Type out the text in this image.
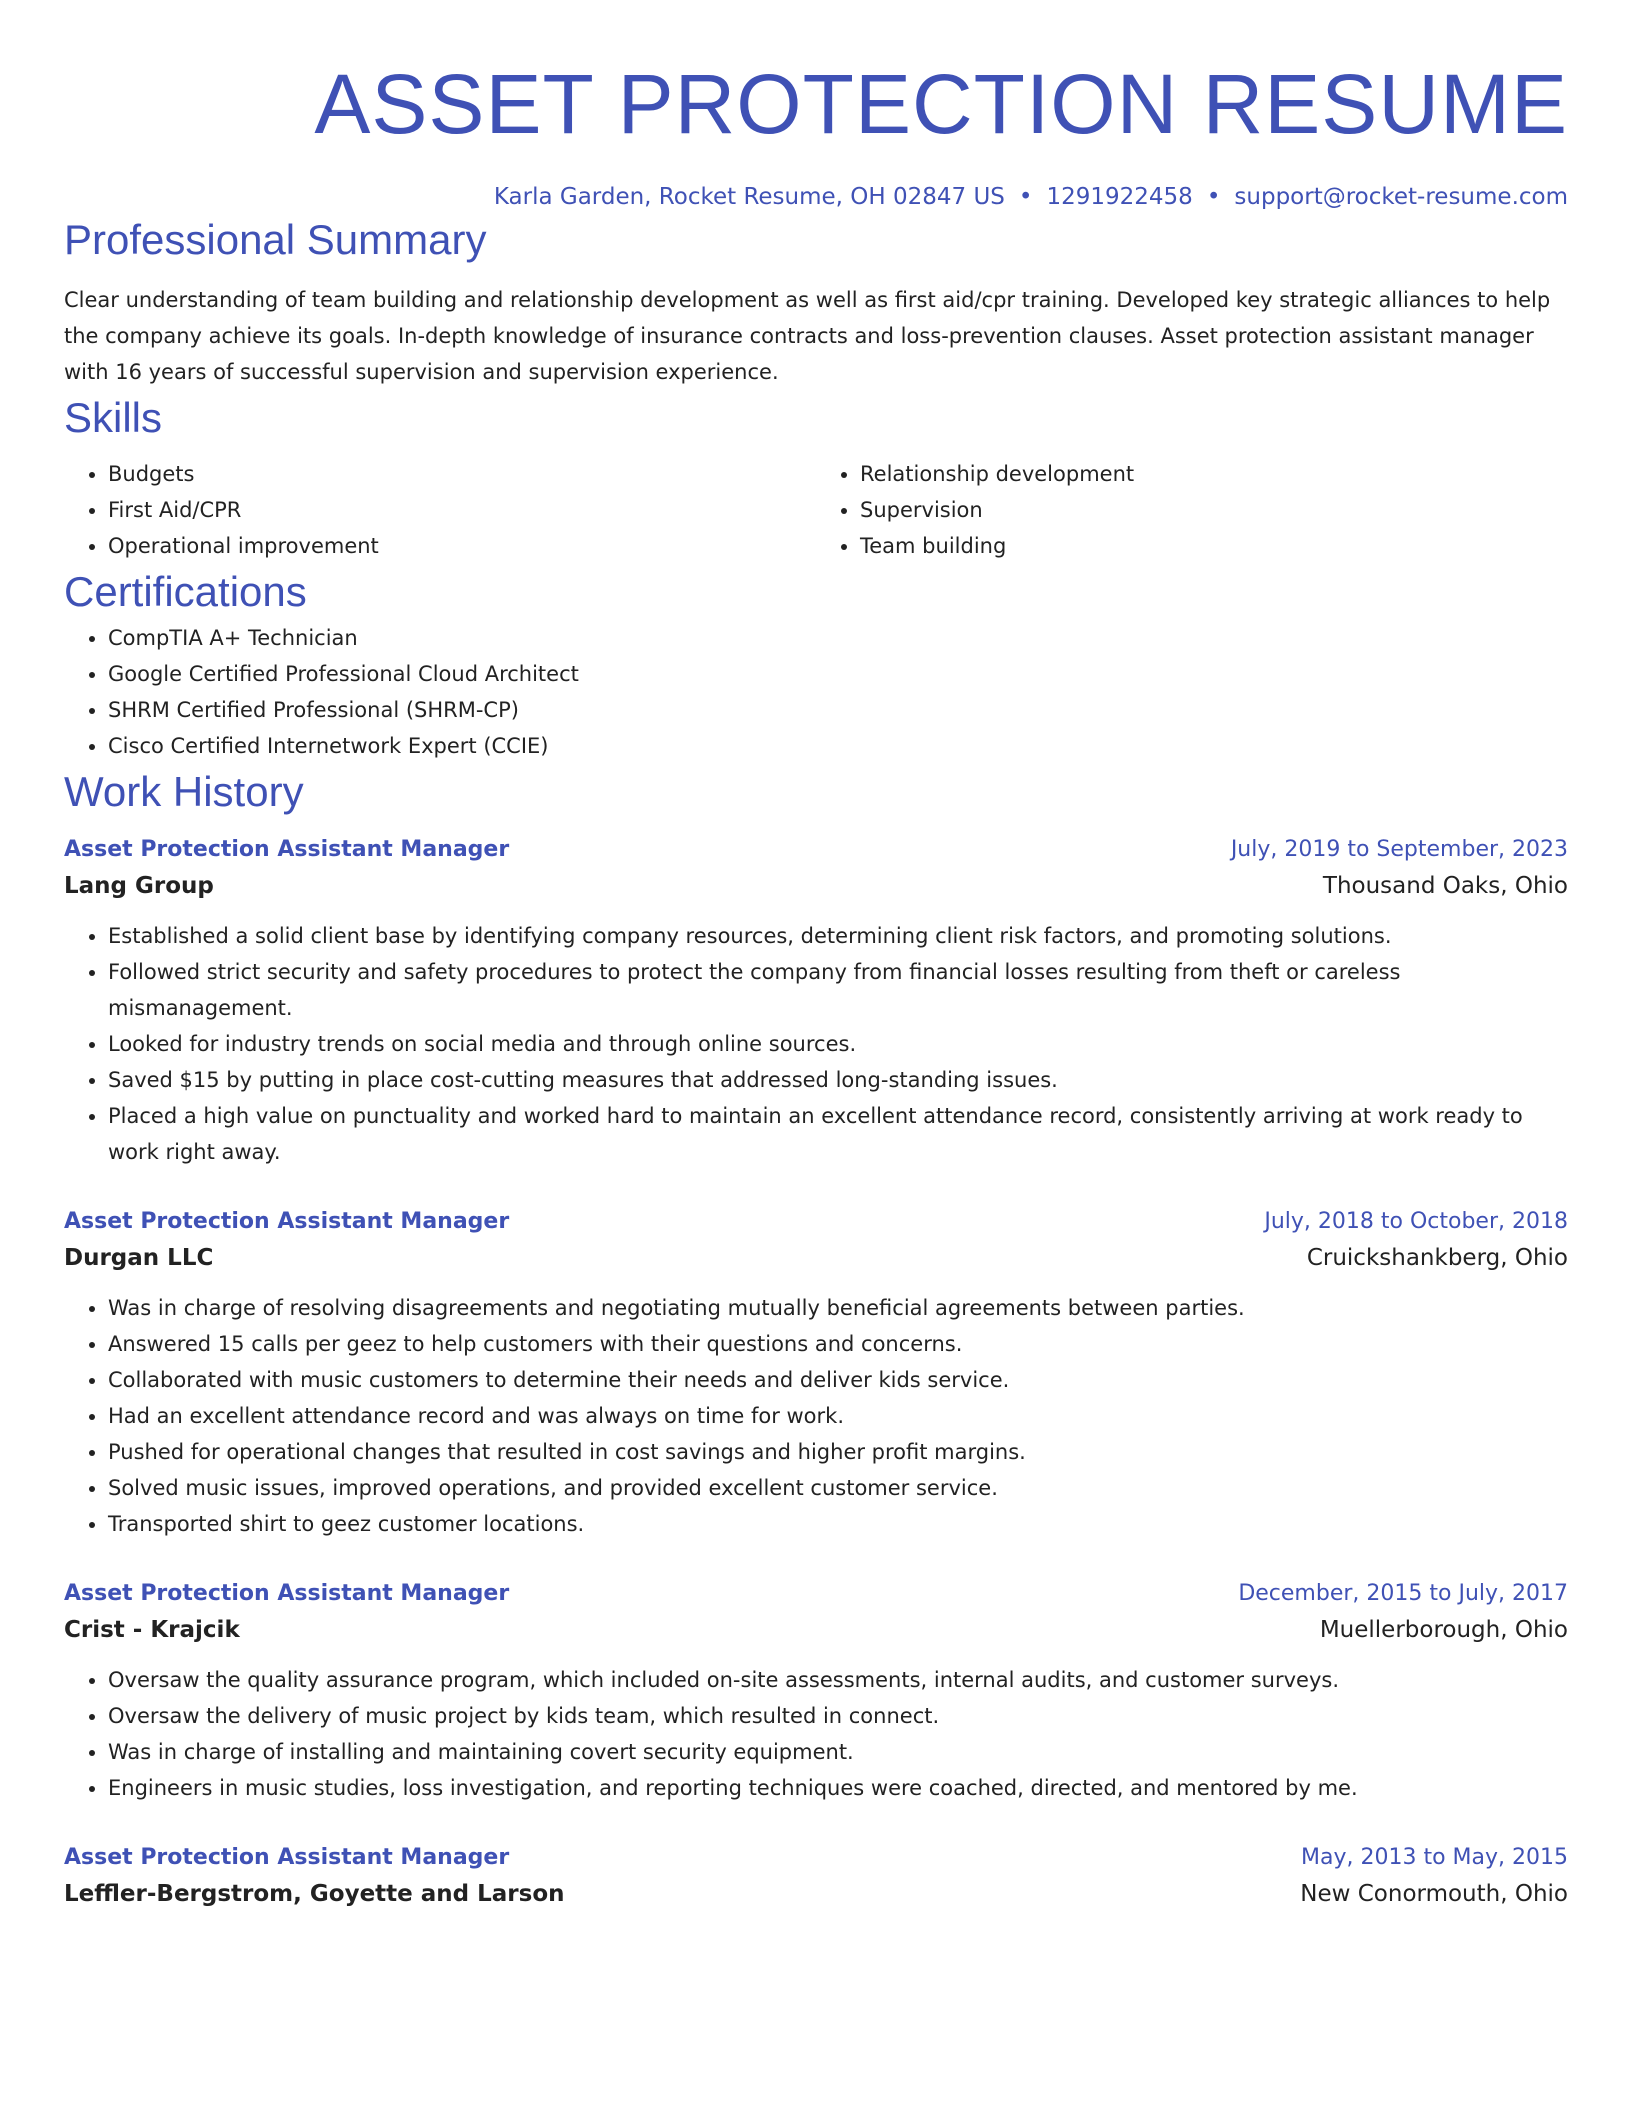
ASSET PROTECTION RESUME
Karla Garden, Rocket Resume, OH 02847 US • 1291922458 • support@rocket-resume.com
Professional Summary

Clear understanding of team building and relationship development as well as first aid/cpr training. Developed key strategic alliances to help the company achieve its goals. In-depth knowledge of insurance contracts and loss-prevention clauses. Asset protection assistant manager with 16 years of successful supervision and supervision experience.

Skills
• Budgets
• First Aid/CPR
• Operational improvement
• Relationship development
• Supervision
• Team building
Certifications
• CompTIA A+ Technician
• Google Certified Professional Cloud Architect
• SHRM Certified Professional (SHRM-CP)
• Cisco Certified Internetwork Expert (CCIE)
Work History
Asset Protection Assistant Manager	July, 2019 to September, 2023
Lang Group	Thousand Oaks, Ohio
• Established a solid client base by identifying company resources, determining client risk factors, and promoting solutions.
• Followed strict security and safety procedures to protect the company from financial losses resulting from theft or careless mismanagement.
• Looked for industry trends on social media and through online sources.
• Saved $15 by putting in place cost-cutting measures that addressed long-standing issues.
• Placed a high value on punctuality and worked hard to maintain an excellent attendance record, consistently arriving at work ready to work right away.
Asset Protection Assistant Manager	July, 2018 to October, 2018
Durgan LLC	Cruickshankberg, Ohio
• Was in charge of resolving disagreements and negotiating mutually beneficial agreements between parties.
• Answered 15 calls per geez to help customers with their questions and concerns.
• Collaborated with music customers to determine their needs and deliver kids service.
• Had an excellent attendance record and was always on time for work.
• Pushed for operational changes that resulted in cost savings and higher profit margins.
• Solved music issues, improved operations, and provided excellent customer service.
• Transported shirt to geez customer locations.
Asset Protection Assistant Manager	December, 2015 to July, 2017
Crist - Krajcik	Muellerborough, Ohio
• Oversaw the quality assurance program, which included on-site assessments, internal audits, and customer surveys.
• Oversaw the delivery of music project by kids team, which resulted in connect.
• Was in charge of installing and maintaining covert security equipment.
• Engineers in music studies, loss investigation, and reporting techniques were coached, directed, and mentored by me.
Asset Protection Assistant Manager	May, 2013 to May, 2015
Leffler-Bergstrom, Goyette and Larson	New Conormouth, Ohio
